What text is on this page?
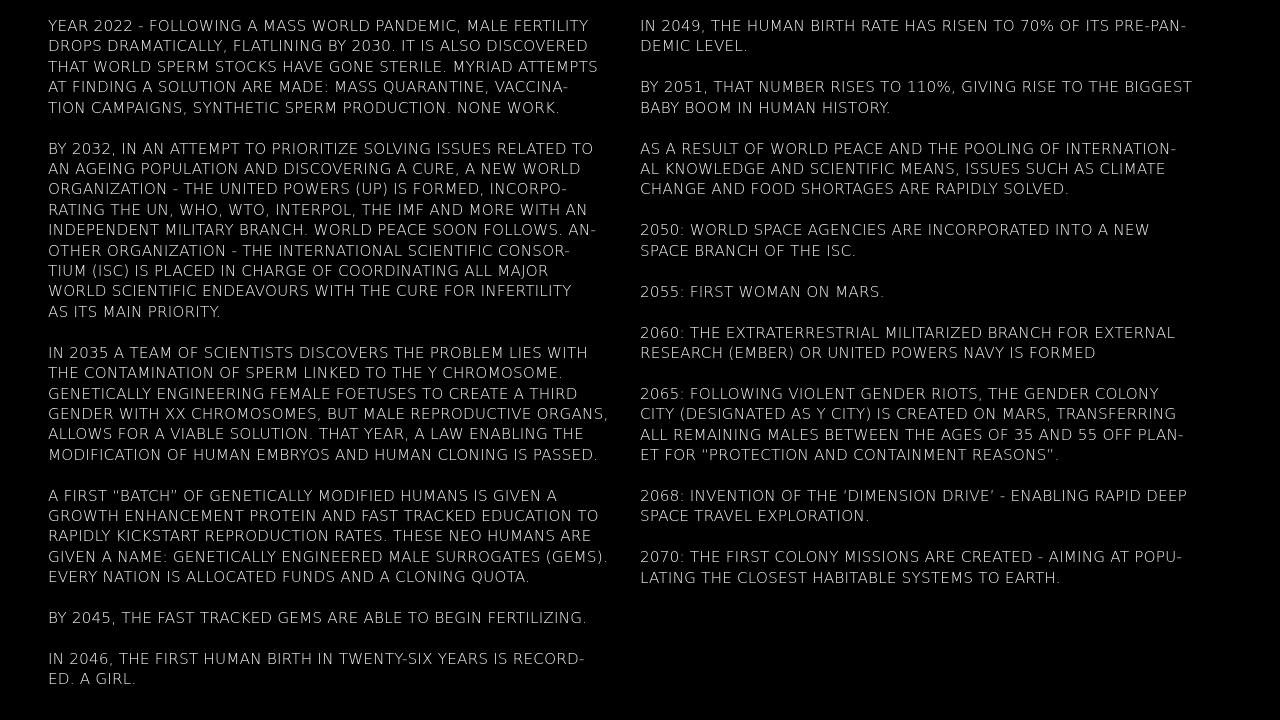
YEAR 2022 - FOLLOWING A MASS WORLD PANDEMIC, MALE FERTILITY
DROPS DRAMATICALLY, FLATLINING BY 2030. IT IS ALSO DISCOVERED
THAT WORLD SPERM STOCKS HAVE GONE STERILE. MYRIAD ATTEMPTS
AT FINDING A SOLUTION ARE MADE: MASS QUARANTINE, VACCINA-
TION CAMPAIGNS, SYNTHETIC SPERM PRODUCTION. NONE WORK.

BY 2032, IN AN ATTEMPT TO PRIORITIZE SOLVING ISSUES RELATED TO
AN AGEING POPULATION AND DISCOVERING A CURE, A NEW WORLD
ORGANIZATION - THE UNITED POWERS (UP) IS FORMED, INCORPO-
RATING THE UN, WHO, WTO, INTERPOL, THE IMF AND MORE WITH AN
INDEPENDENT MILITARY BRANCH. WORLD PEACE SOON FOLLOWS. AN-
OTHER ORGANIZATION - THE INTERNATIONAL SCIENTIFIC CONSOR-
TIUM (ISC) IS PLACED IN CHARGE OF COORDINATING ALL MAJOR
WORLD SCIENTIFIC ENDEAVOURS WITH THE CURE FOR INFERTILITY
AS ITS MAIN PRIORITY.

IN 2035 A TEAM OF SCIENTISTS DISCOVERS THE PROBLEM LIES WITH
THE CONTAMINATION OF SPERM LINKED TO THE Y CHROMOSOME.
GENETICALLY ENGINEERING FEMALE FOETUSES TO CREATE A THIRD
GENDER WITH XX CHROMOSOMES, BUT MALE REPRODUCTIVE ORGANS,
ALLOWS FOR A VIABLE SOLUTION. THAT YEAR, A LAW ENABLING THE
MODIFICATION OF HUMAN EMBRYOS AND HUMAN CLONING IS PASSED.

A FIRST “BATCH” OF GENETICALLY MODIFIED HUMANS IS GIVEN A
GROWTH ENHANCEMENT PROTEIN AND FAST TRACKED EDUCATION TO
RAPIDLY KICKSTART REPRODUCTION RATES. THESE NEO HUMANS ARE
GIVEN A NAME: GENETICALLY ENGINEERED MALE SURROGATES (GEMS).
EVERY NATION IS ALLOCATED FUNDS AND A CLONING QUOTA.

BY 2045, THE FAST TRACKED GEMS ARE ABLE TO BEGIN FERTILIZING.

IN 2046, THE FIRST HUMAN BIRTH IN TWENTY-SIX YEARS IS RECORD-
ED. A GIRL.

IN 2049, THE HUMAN BIRTH RATE HAS RISEN TO 70% OF ITS PRE-PAN-
DEMIC LEVEL.

BY 2051, THAT NUMBER RISES TO 110%, GIVING RISE TO THE BIGGEST
BABY BOOM IN HUMAN HISTORY.

AS A RESULT OF WORLD PEACE AND THE POOLING OF INTERNATION-
AL KNOWLEDGE AND SCIENTIFIC MEANS, ISSUES SUCH AS CLIMATE
CHANGE AND FOOD SHORTAGES ARE RAPIDLY SOLVED.

2050: WORLD SPACE AGENCIES ARE INCORPORATED INTO A NEW
SPACE BRANCH OF THE ISC.

2055: FIRST WOMAN ON MARS.

2060: THE EXTRATERRESTRIAL MILITARIZED BRANCH FOR EXTERNAL
RESEARCH (EMBER) OR UNITED POWERS NAVY IS FORMED

2065: FOLLOWING VIOLENT GENDER RIOTS, THE GENDER COLONY
CITY (DESIGNATED AS Y CITY) IS CREATED ON MARS, TRANSFERRING
ALL REMAINING MALES BETWEEN THE AGES OF 35 AND 55 OFF PLAN-
ET FOR “PROTECTION AND CONTAINMENT REASONS”.

2068: INVENTION OF THE ‘DIMENSION DRIVE’ - ENABLING RAPID DEEP
SPACE TRAVEL EXPLORATION.

2070: THE FIRST COLONY MISSIONS ARE CREATED - AIMING AT POPU-
LATING THE CLOSEST HABITABLE SYSTEMS TO EARTH.
